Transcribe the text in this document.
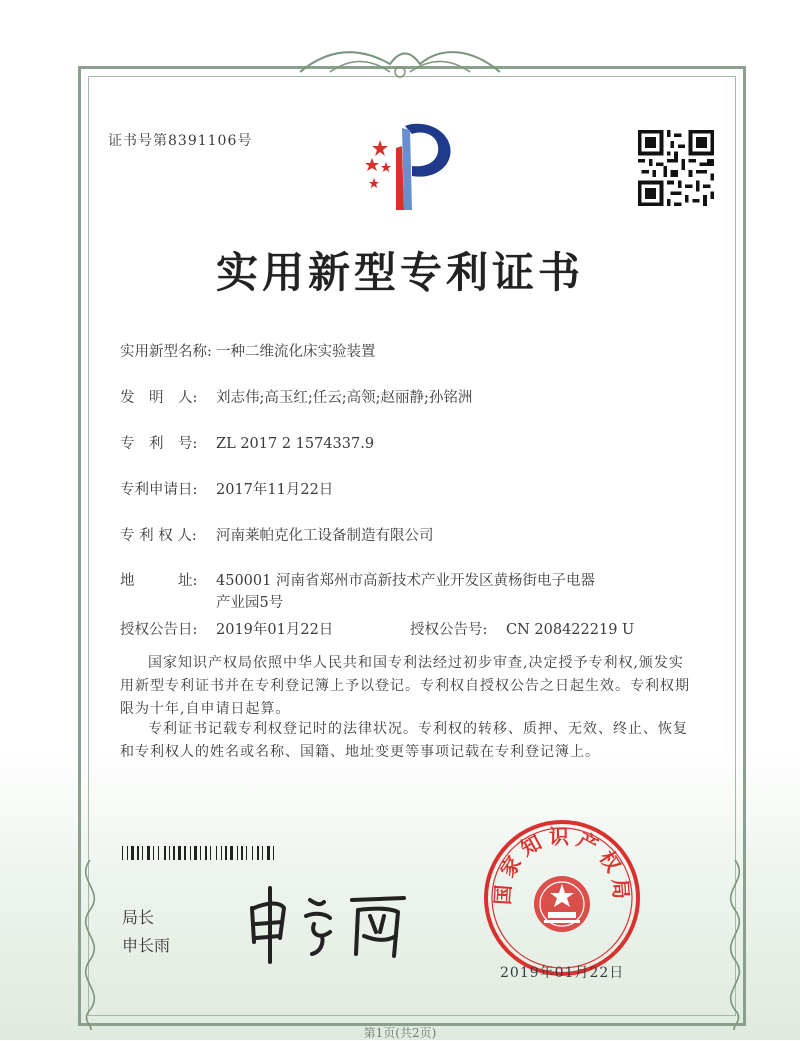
证书号第8391106号
实用新型专利证书
实用新型名称: 一种二维流化床实验装置
发　明　人: 刘志伟;高玉红;任云;高领;赵丽静;孙铭洲
专　利　号: ZL 2017 2 1574337.9
专利申请日: 2017年11月22日
专 利 权 人: 河南莱帕克化工设备制造有限公司
地　　　址: 450001 河南省郑州市高新技术产业开发区黄杨街电子电器产业园5号
授权公告日: 2019年01月22日	授权公告号: CN 208422219 U
国家知识产权局依照中华人民共和国专利法经过初步审查,决定授予专利权,颁发实用新型专利证书并在专利登记簿上予以登记。专利权自授权公告之日起生效。专利权期限为十年,自申请日起算。
专利证书记载专利权登记时的法律状况。专利权的转移、质押、无效、终止、恢复和专利权人的姓名或名称、国籍、地址变更等事项记载在专利登记簿上。
局长
申长雨
国家知识产权局
2019年01月22日
第1页(共2页)
